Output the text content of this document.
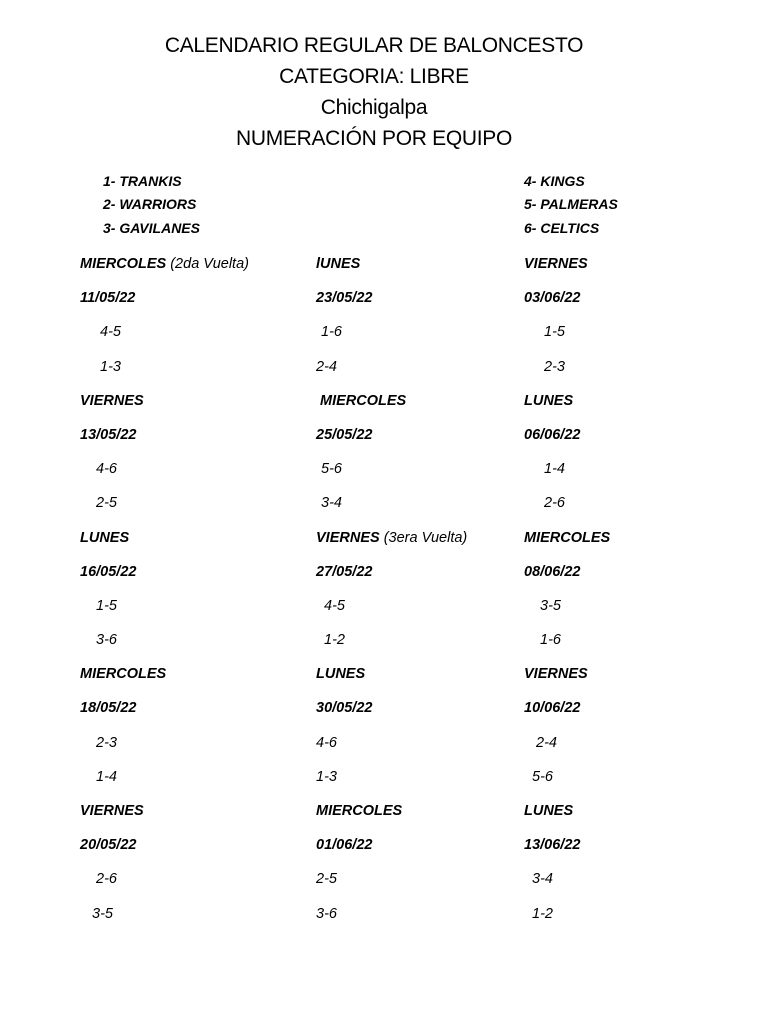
CALENDARIO REGULAR DE BALONCESTO
CATEGORIA: LIBRE
Chichigalpa
NUMERACIÓN POR EQUIPO
1- TRANKIS
2- WARRIORS
3- GAVILANES
4- KINGS
5- PALMERAS
6- CELTICS
MIERCOLES (2da Vuelta)
11/05/22
4-5
1-3
VIERNES
13/05/22
4-6
2-5
LUNES
16/05/22
1-5
3-6
MIERCOLES
18/05/22
2-3
1-4
VIERNES
20/05/22
2-6
3-5
lUNES
23/05/22
1-6
2-4
MIERCOLES
25/05/22
5-6
3-4
VIERNES (3era Vuelta)
27/05/22
4-5
1-2
LUNES
30/05/22
4-6
1-3
MIERCOLES
01/06/22
2-5
3-6
VIERNES
03/06/22
1-5
2-3
LUNES
06/06/22
1-4
2-6
MIERCOLES
08/06/22
3-5
1-6
VIERNES
10/06/22
2-4
5-6
LUNES
13/06/22
3-4
1-2
